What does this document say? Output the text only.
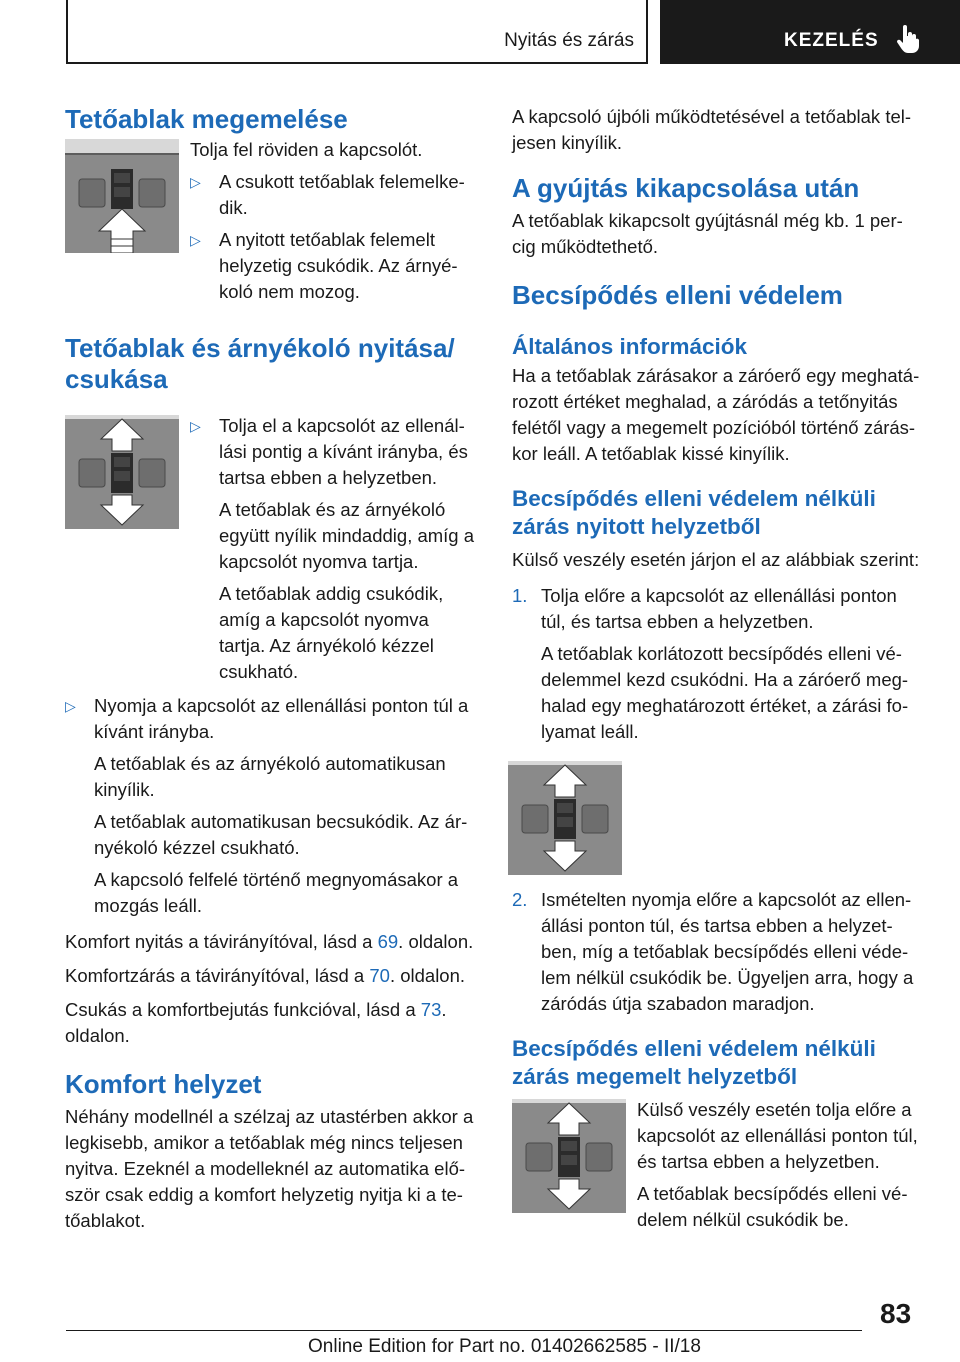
Nyitás és zárás	KEZELÉS
Tetőablak megemelése

Tolja fel röviden a kapcsolót.

▷ A csukott tetőablak felemelke-dik.

▷ A nyitott tetőablak felemelt helyzetig csukódik. Az árnyé-koló nem mozog.

Tetőablak és árnyékoló nyitása/ csukása
▷ Tolja el a kapcsolót az ellenál-lási pontig a kívánt irányba, és tartsa ebben a helyzetben.

A tetőablak és az árnyékoló együtt nyílik mindaddig, amíg a kapcsolót nyomva tartja.

A tetőablak addig csukódik, amíg a kapcsolót nyomva tartja. Az árnyékoló kézzel csukható.

▷ Nyomja a kapcsolót az ellenállási ponton túl a kívánt irányba.

A tetőablak és az árnyékoló automatikusan kinyílik.

A tetőablak automatikusan becsukódik. Az ár-nyékoló kézzel csukható.

A kapcsoló felfelé történő megnyomásakor a mozgás leáll.

Komfort nyitás a távirányítóval, lásd a 69. oldalon.

Komfortzárás a távirányítóval, lásd a 70. oldalon.

Csukás a komfortbejutás funkcióval, lásd a 73. oldalon.

Komfort helyzet

Néhány modellnél a szélzaj az utastérben akkor a legkisebb, amikor a tetőablak még nincs teljesen nyitva. Ezeknél a modelleknél az automatika elő-ször csak eddig a komfort helyzetig nyitja ki a te-tőablakot.

A kapcsoló újbóli működtetésével a tetőablak tel-jesen kinyílik.

A gyújtás kikapcsolása után

A tetőablak kikapcsolt gyújtásnál még kb. 1 per-cig működtethető.

Becsípődés elleni védelem
Általános információk

Ha a tetőablak zárásakor a záróerő egy meghatá-rozott értéket meghalad, a záródás a tetőnyitás felétől vagy a megemelt pozícióból történő zárás-kor leáll. A tetőablak kissé kinyílik.

Becsípődés elleni védelem nélküli zárás nyitott helyzetből

Külső veszély esetén járjon el az alábbiak szerint:

1. Tolja előre a kapcsolót az ellenállási ponton túl, és tartsa ebben a helyzetben.

A tetőablak korlátozott becsípődés elleni vé-delemmel kezd csukódni. Ha a záróerő meg-halad egy meghatározott értéket, a zárási fo-lyamat leáll.

2. Ismételten nyomja előre a kapcsolót az ellen-állási ponton túl, és tartsa ebben a helyzet-ben, míg a tetőablak becsípődés elleni véde-lem nélkül csukódik be. Ügyeljen arra, hogy a záródás útja szabadon maradjon.

Becsípődés elleni védelem nélküli zárás megemelt helyzetből

Külső veszély esetén tolja előre a kapcsolót az ellenállási ponton túl, és tartsa ebben a helyzetben.

A tetőablak becsípődés elleni vé-delem nélkül csukódik be.

83
Online Edition for Part no. 01402662585 - II/18
